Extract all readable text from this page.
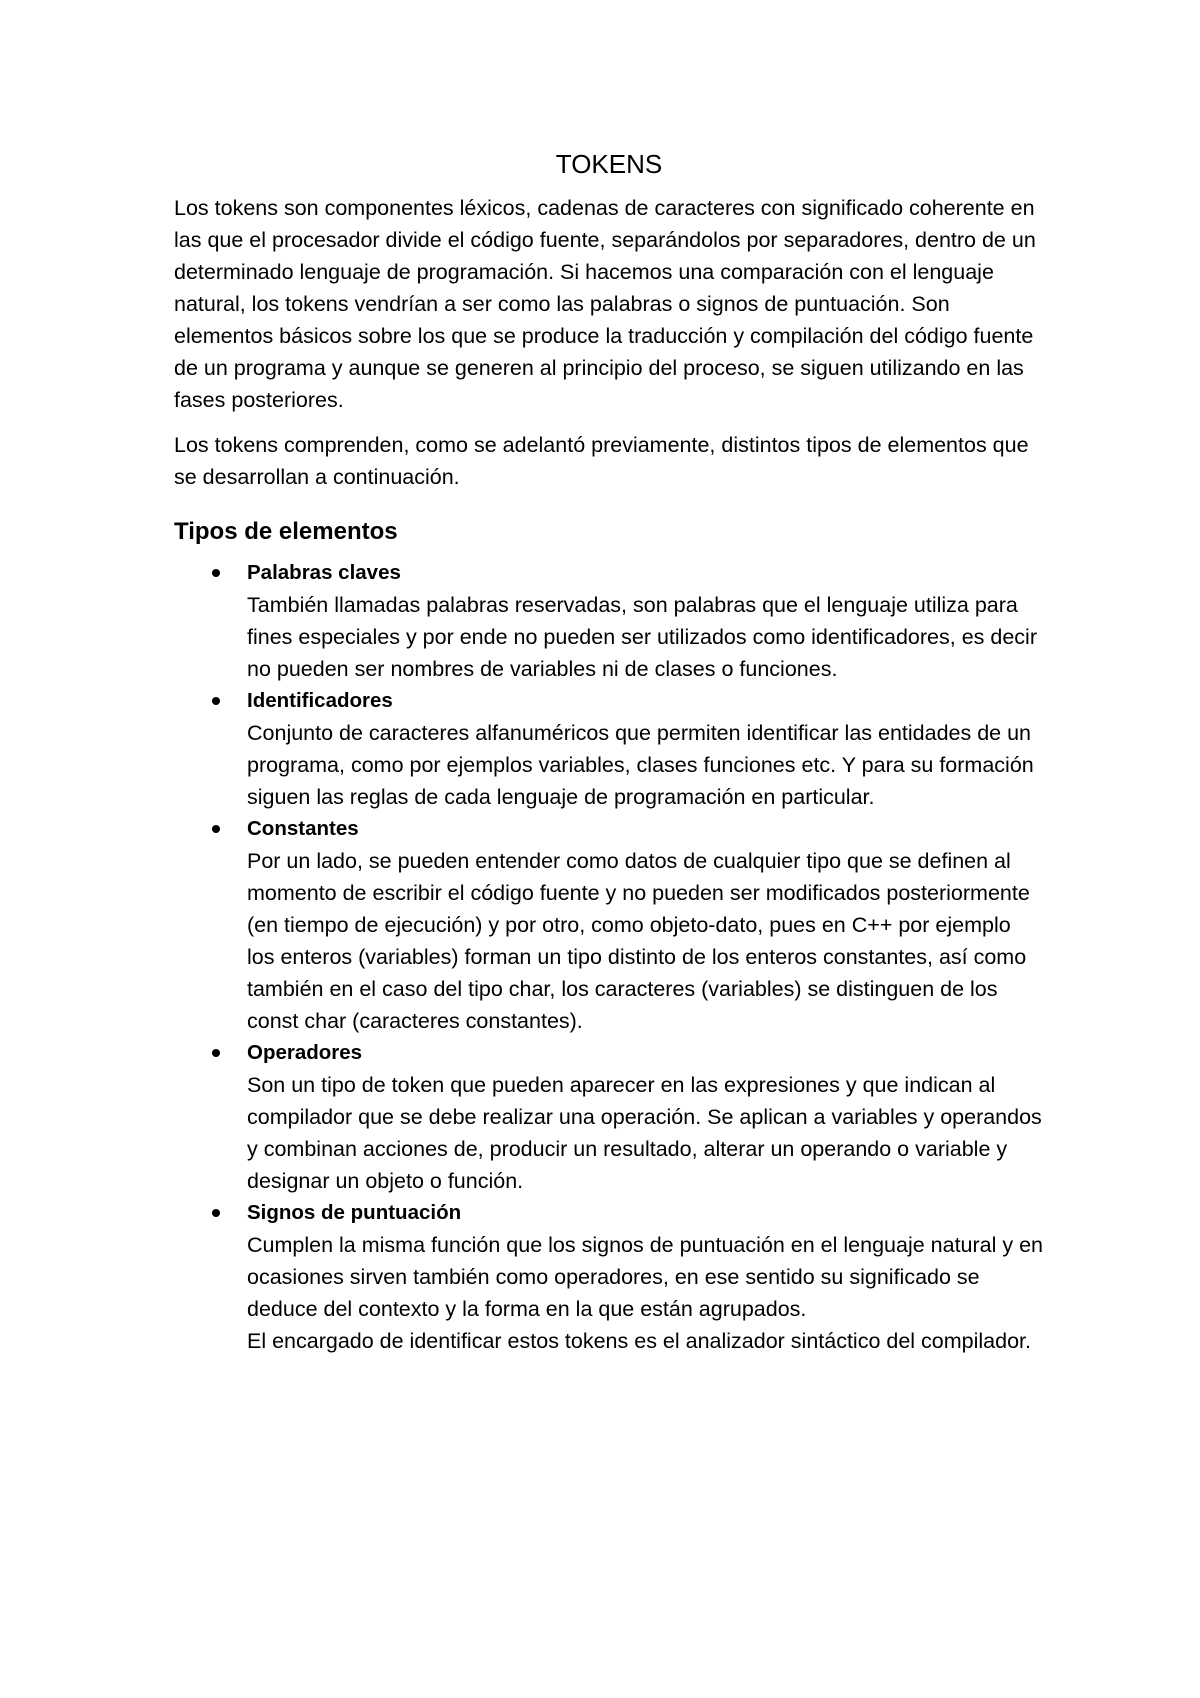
TOKENS

Los tokens son componentes léxicos, cadenas de caracteres con significado coherente en las que el procesador divide el código fuente, separándolos por separadores, dentro de un determinado lenguaje de programación. Si hacemos una comparación con el lenguaje natural, los tokens vendrían a ser como las palabras o signos de puntuación. Son elementos básicos sobre los que se produce la traducción y compilación del código fuente de un programa y aunque se generen al principio del proceso, se siguen utilizando en las fases posteriores.

Los tokens comprenden, como se adelantó previamente, distintos tipos de elementos que se desarrollan a continuación.

Tipos de elementos
Palabras claves
También llamadas palabras reservadas, son palabras que el lenguaje utiliza para fines especiales y por ende no pueden ser utilizados como identificadores, es decir no pueden ser nombres de variables ni de clases o funciones.
Identificadores
Conjunto de caracteres alfanuméricos que permiten identificar las entidades de un programa, como por ejemplos variables, clases funciones etc. Y para su formación siguen las reglas de cada lenguaje de programación en particular.
Constantes
Por un lado, se pueden entender como datos de cualquier tipo que se definen al momento de escribir el código fuente y no pueden ser modificados posteriormente (en tiempo de ejecución) y por otro, como objeto-dato, pues en C++ por ejemplo los enteros (variables) forman un tipo distinto de los enteros constantes, así como también en el caso del tipo char, los caracteres (variables) se distinguen de los const char (caracteres constantes).
Operadores
Son un tipo de token que pueden aparecer en las expresiones y que indican al compilador que se debe realizar una operación. Se aplican a variables y operandos y combinan acciones de, producir un resultado, alterar un operando o variable y designar un objeto o función.
Signos de puntuación
Cumplen la misma función que los signos de puntuación en el lenguaje natural y en ocasiones sirven también como operadores, en ese sentido su significado se deduce del contexto y la forma en la que están agrupados.
El encargado de identificar estos tokens es el analizador sintáctico del compilador.
